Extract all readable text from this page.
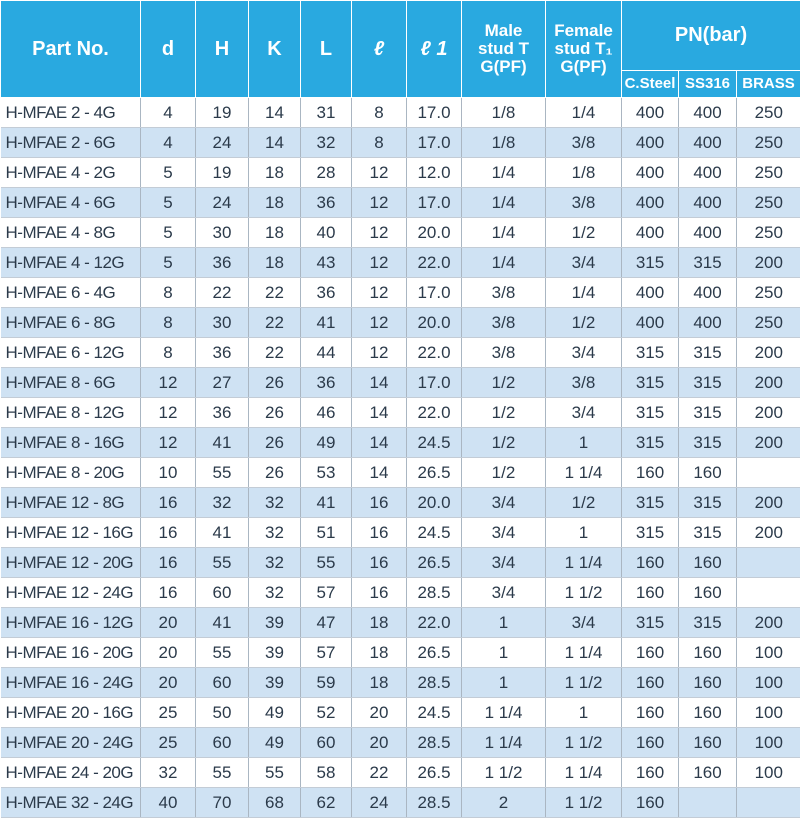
Part No.	d	H	K	L	ℓ	ℓ 1	Male
stud T
G(PF)	Female
stud T₁
G(PF)	PN(bar)		
									C.Steel	SS316	BRASS
H-MFAE 2 - 4G	4	19	14	31	8	17.0	1/8	1/4	400	400	250
H-MFAE 2 - 6G	4	24	14	32	8	17.0	1/8	3/8	400	400	250
H-MFAE 4 - 2G	5	19	18	28	12	12.0	1/4	1/8	400	400	250
H-MFAE 4 - 6G	5	24	18	36	12	17.0	1/4	3/8	400	400	250
H-MFAE 4 - 8G	5	30	18	40	12	20.0	1/4	1/2	400	400	250
H-MFAE 4 - 12G	5	36	18	43	12	22.0	1/4	3/4	315	315	200
H-MFAE 6 - 4G	8	22	22	36	12	17.0	3/8	1/4	400	400	250
H-MFAE 6 - 8G	8	30	22	41	12	20.0	3/8	1/2	400	400	250
H-MFAE 6 - 12G	8	36	22	44	12	22.0	3/8	3/4	315	315	200
H-MFAE 8 - 6G	12	27	26	36	14	17.0	1/2	3/8	315	315	200
H-MFAE 8 - 12G	12	36	26	46	14	22.0	1/2	3/4	315	315	200
H-MFAE 8 - 16G	12	41	26	49	14	24.5	1/2	1	315	315	200
H-MFAE 8 - 20G	10	55	26	53	14	26.5	1/2	1 1/4	160	160	
H-MFAE 12 - 8G	16	32	32	41	16	20.0	3/4	1/2	315	315	200
H-MFAE 12 - 16G	16	41	32	51	16	24.5	3/4	1	315	315	200
H-MFAE 12 - 20G	16	55	32	55	16	26.5	3/4	1 1/4	160	160	
H-MFAE 12 - 24G	16	60	32	57	16	28.5	3/4	1 1/2	160	160	
H-MFAE 16 - 12G	20	41	39	47	18	22.0	1	3/4	315	315	200
H-MFAE 16 - 20G	20	55	39	57	18	26.5	1	1 1/4	160	160	100
H-MFAE 16 - 24G	20	60	39	59	18	28.5	1	1 1/2	160	160	100
H-MFAE 20 - 16G	25	50	49	52	20	24.5	1 1/4	1	160	160	100
H-MFAE 20 - 24G	25	60	49	60	20	28.5	1 1/4	1 1/2	160	160	100
H-MFAE 24 - 20G	32	55	55	58	22	26.5	1 1/2	1 1/4	160	160	100
H-MFAE 32 - 24G	40	70	68	62	24	28.5	2	1 1/2	160		
